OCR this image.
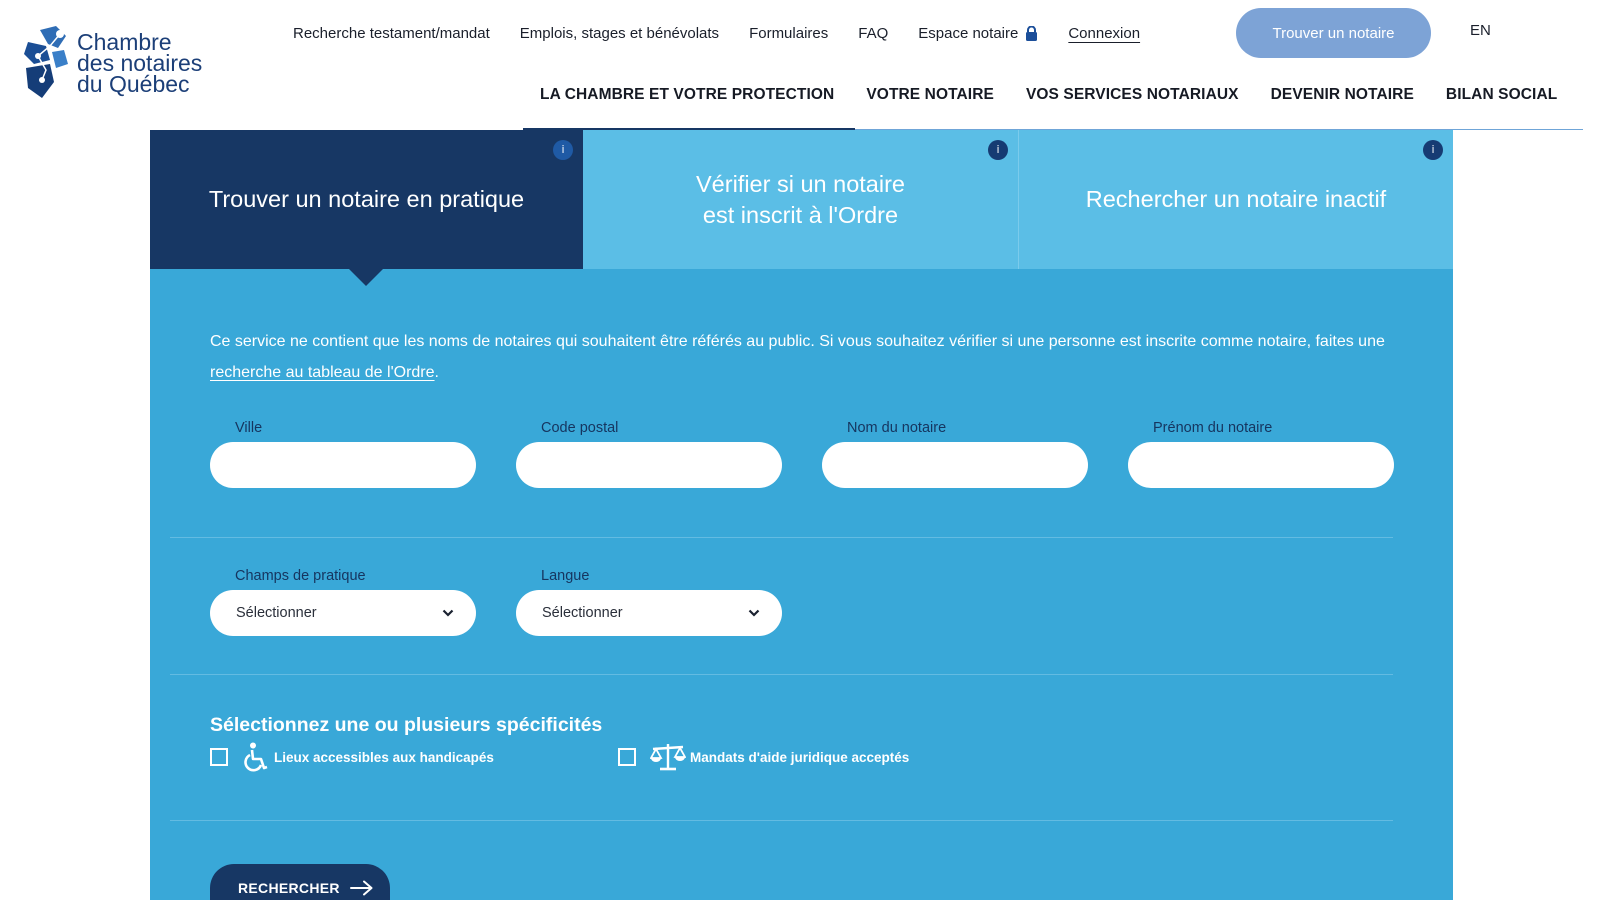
Chambre
des notaires
du Québec
Recherche testament/mandat Emplois, stages et bénévolats Formulaires FAQ Espace notaire	Connexion	Trouver un notaire	EN
LA CHAMBRE ET VOTRE PROTECTION VOTRE NOTAIRE VOS SERVICES NOTARIAUX DEVENIR NOTAIRE BILAN SOCIAL
Trouver un notaire en pratique
i
Vérifier si un notaire
est inscrit à l'Ordre
i
Rechercher un notaire inactif
i

Ce service ne contient que les noms de notaires qui souhaitent être référés au public. Si vous souhaitez vérifier si une personne est inscrite comme notaire, faites une recherche au tableau de l'Ordre.

Ville	Code postal	Nom du notaire	Prénom du notaire
Champs de pratique
Sélectionner
Langue
Sélectionner
Sélectionnez une ou plusieurs spécificités
Lieux accessibles aux handicapés	Mandats d'aide juridique acceptés
RECHERCHER
